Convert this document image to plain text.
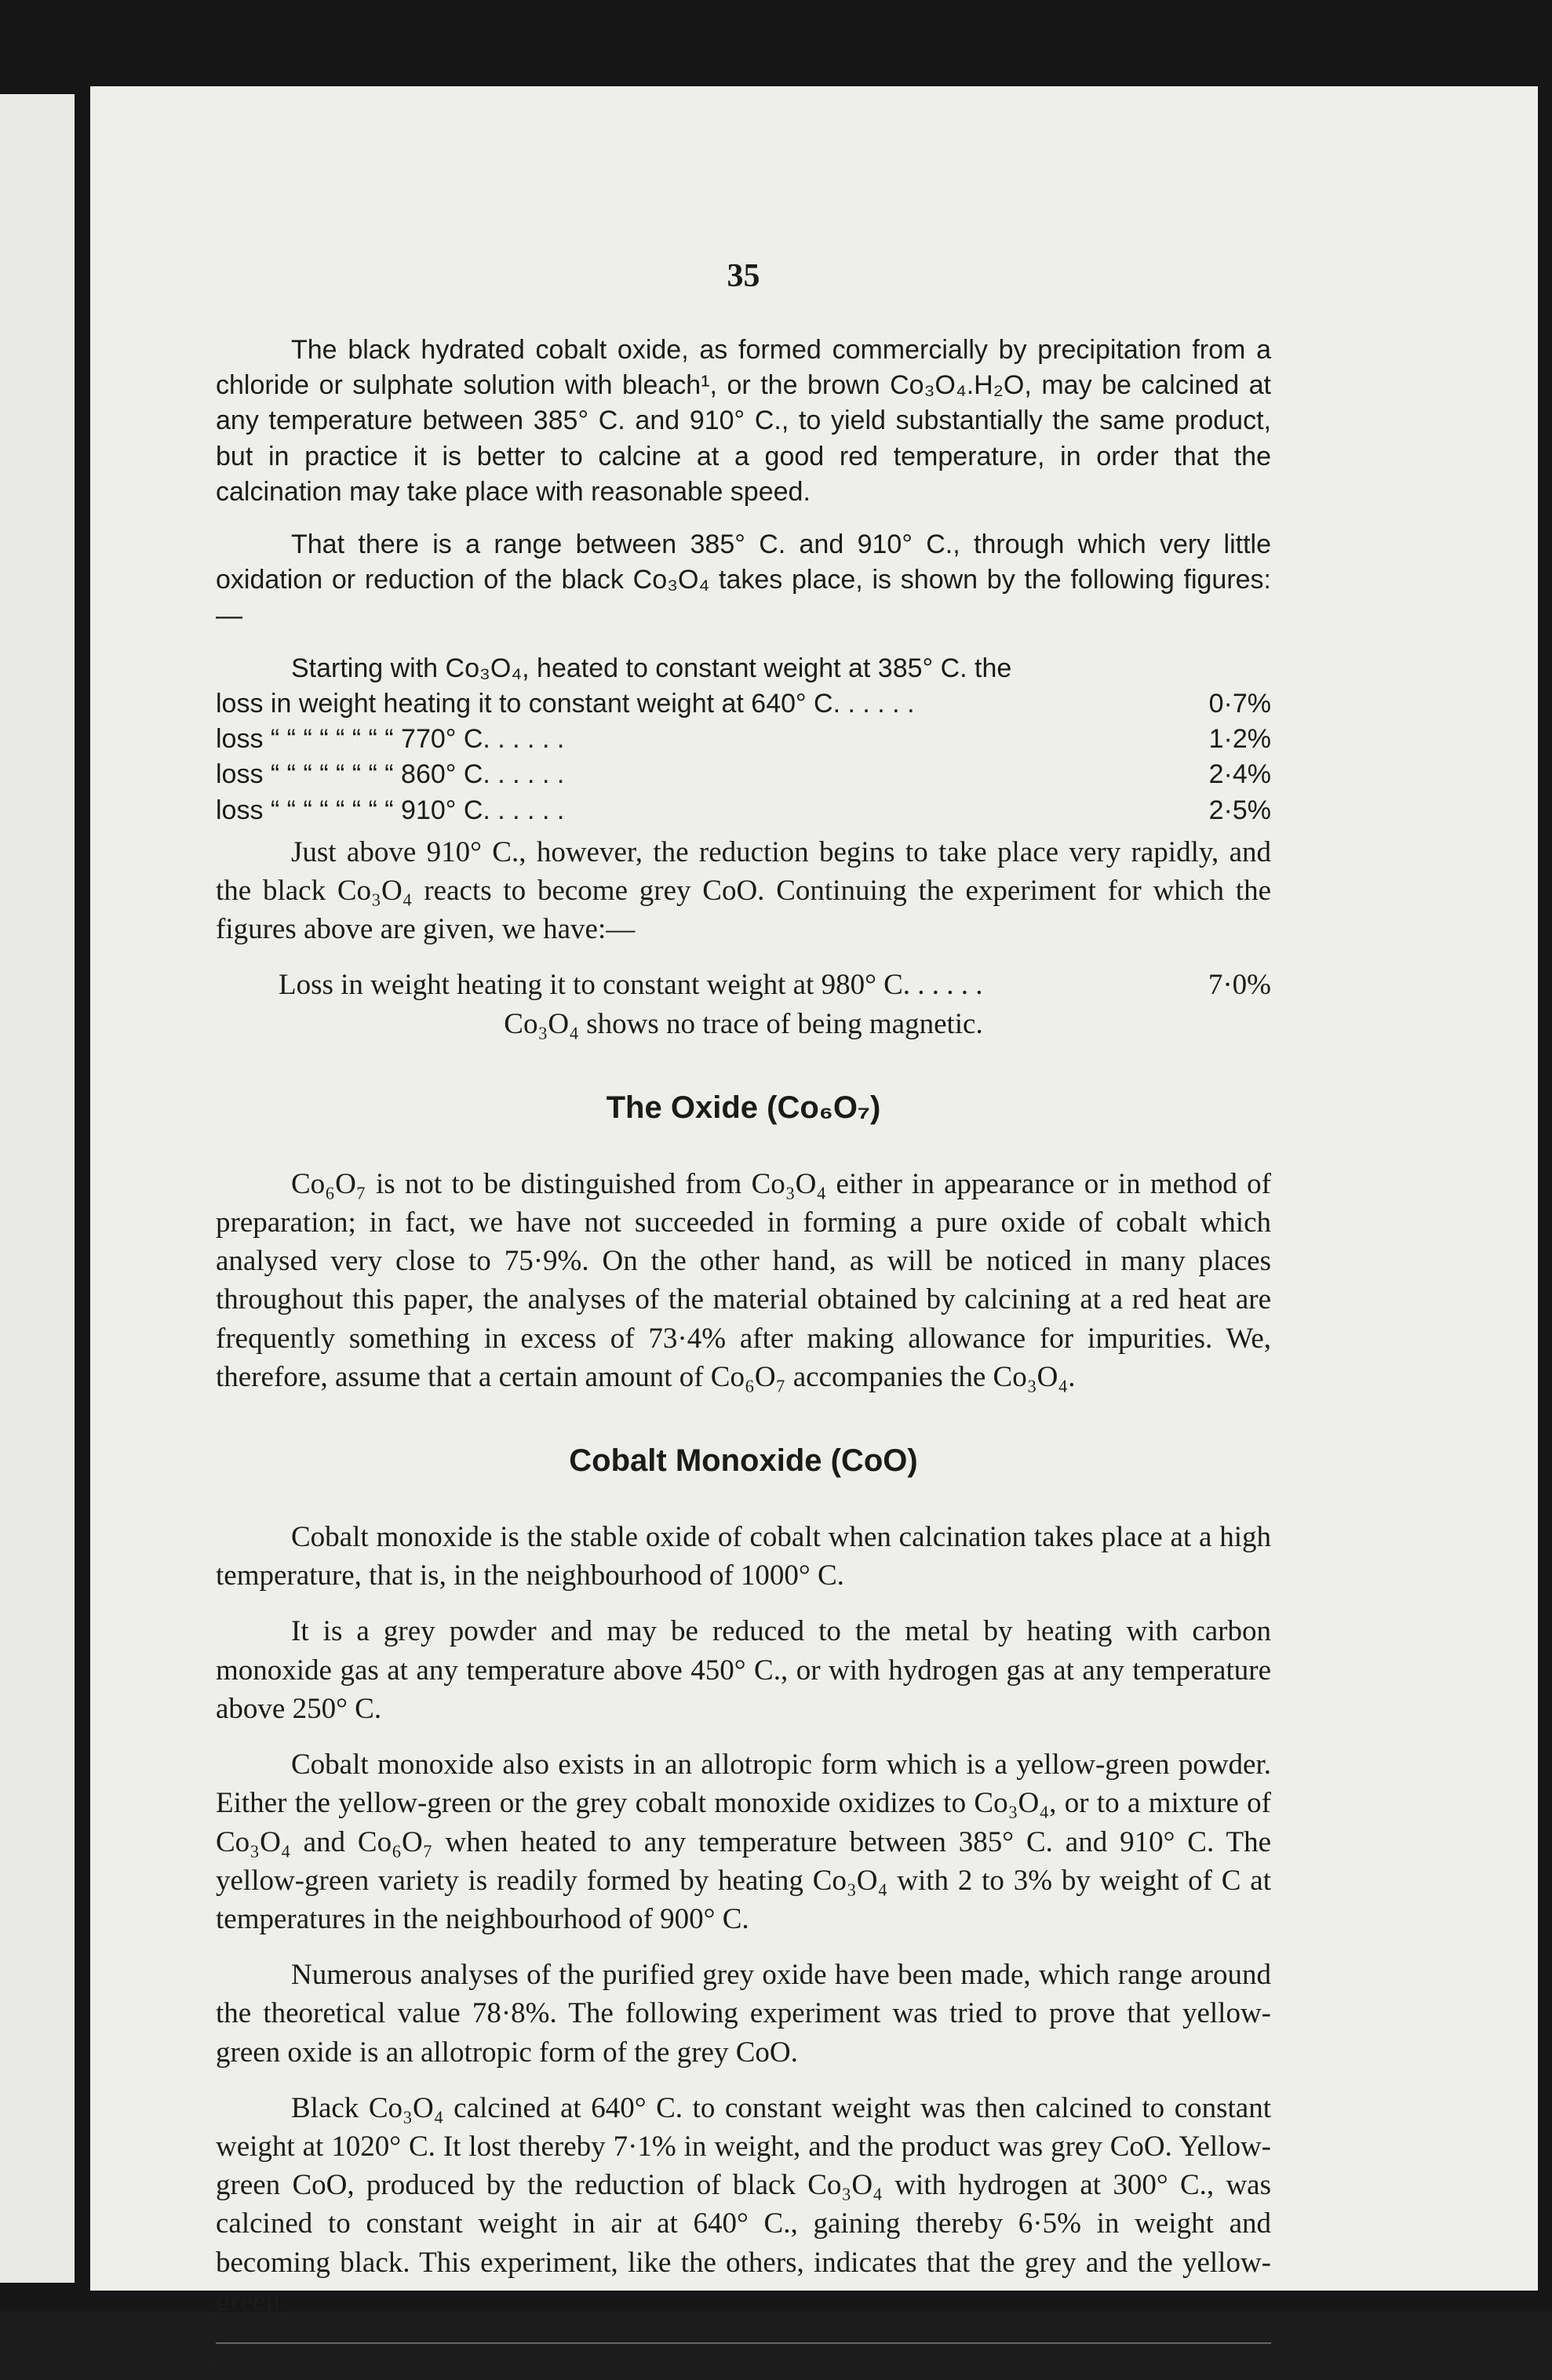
35

The black hydrated cobalt oxide, as formed commercially by precipitation from a chloride or sulphate solution with bleach¹, or the brown Co₃O₄.H₂O, may be calcined at any temperature between 385° C. and 910° C., to yield substantially the same product, but in practice it is better to calcine at a good red temperature, in order that the calcination may take place with reasonable speed.

That there is a range between 385° C. and 910° C., through which very little oxidation or reduction of the black Co₃O₄ takes place, is shown by the following figures:—

Starting with Co₃O₄, heated to constant weight at 385° C. the
loss in weight heating it to constant weight at 640° C. . . . . .	0·7%
loss “ “ “ “ “ “ “ “ 770° C. . . . . .	1·2%
loss “ “ “ “ “ “ “ “ 860° C. . . . . .	2·4%
loss “ “ “ “ “ “ “ “ 910° C. . . . . .	2·5%

Just above 910° C., however, the reduction begins to take place very rapidly, and the black Co₃O₄ reacts to become grey CoO. Continuing the experiment for which the figures above are given, we have:—

Loss in weight heating it to constant weight at 980° C. . . . . .	7·0%
Co₃O₄ shows no trace of being magnetic.
The Oxide (Co₆O₇)

Co₆O₇ is not to be distinguished from Co₃O₄ either in appearance or in method of preparation; in fact, we have not succeeded in forming a pure oxide of cobalt which analysed very close to 75·9%. On the other hand, as will be noticed in many places throughout this paper, the analyses of the material obtained by calcining at a red heat are frequently something in excess of 73·4% after making allowance for impurities. We, therefore, assume that a certain amount of Co₆O₇ accompanies the Co₃O₄.

Cobalt Monoxide (CoO)

Cobalt monoxide is the stable oxide of cobalt when calcination takes place at a high temperature, that is, in the neighbourhood of 1000° C.

It is a grey powder and may be reduced to the metal by heating with carbon monoxide gas at any temperature above 450° C., or with hydrogen gas at any temperature above 250° C.

Cobalt monoxide also exists in an allotropic form which is a yellow-green powder. Either the yellow-green or the grey cobalt monoxide oxidizes to Co₃O₄, or to a mixture of Co₃O₄ and Co₆O₇ when heated to any temperature between 385° C. and 910° C. The yellow-green variety is readily formed by heating Co₃O₄ with 2 to 3% by weight of C at temperatures in the neighbourhood of 900° C.

Numerous analyses of the purified grey oxide have been made, which range around the theoretical value 78·8%. The following experiment was tried to prove that yellow-green oxide is an allotropic form of the grey CoO.

Black Co₃O₄ calcined at 640° C. to constant weight was then calcined to constant weight at 1020° C. It lost thereby 7·1% in weight, and the product was grey CoO. Yellow-green CoO, produced by the reduction of black Co₃O₄ with hydrogen at 300° C., was calcined to constant weight in air at 640° C., gaining thereby 6·5% in weight and becoming black. This experiment, like the others, indicates that the grey and the yellow-green

¹See page 3
